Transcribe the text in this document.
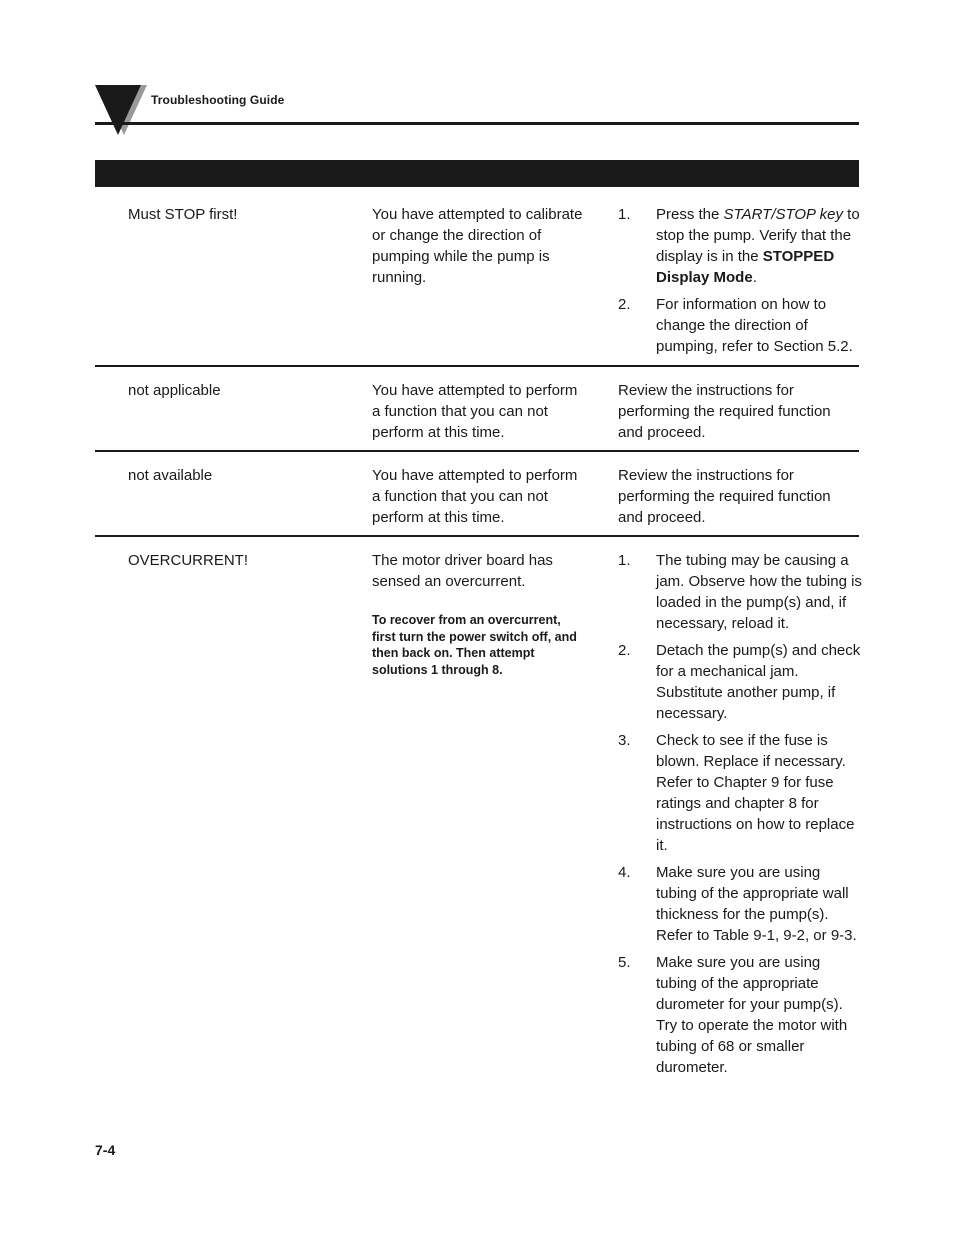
Troubleshooting Guide
Must STOP first!	You have attempted to calibrate or change the direction of pumping while the pump is running.
1. Press the START/STOP key to stop the pump. Verify that the display is in the STOPPED Display Mode.
2. For information on how to change the direction of pumping, refer to Section 5.2.
not applicable	You have attempted to perform a function that you can not perform at this time.
Review the instructions for performing the required function and proceed.
not available	You have attempted to perform a function that you can not perform at this time.
Review the instructions for performing the required function and proceed.
OVERCURRENT!	The motor driver board has sensed an overcurrent.
To recover from an overcurrent, first turn the power switch off, and then back on. Then attempt solutions 1 through 8.
1. The tubing may be causing a jam. Observe how the tubing is loaded in the pump(s) and, if necessary, reload it.
2. Detach the pump(s) and check for a mechanical jam. Substitute another pump, if necessary.
3. Check to see if the fuse is blown. Replace if necessary. Refer to Chapter 9 for fuse ratings and chapter 8 for instructions on how to replace it.
4. Make sure you are using tubing of the appropriate wall thickness for the pump(s). Refer to Table 9-1, 9-2, or 9-3.
5. Make sure you are using tubing of the appropriate durometer for your pump(s). Try to operate the motor with tubing of 68 or smaller durometer.
7-4
